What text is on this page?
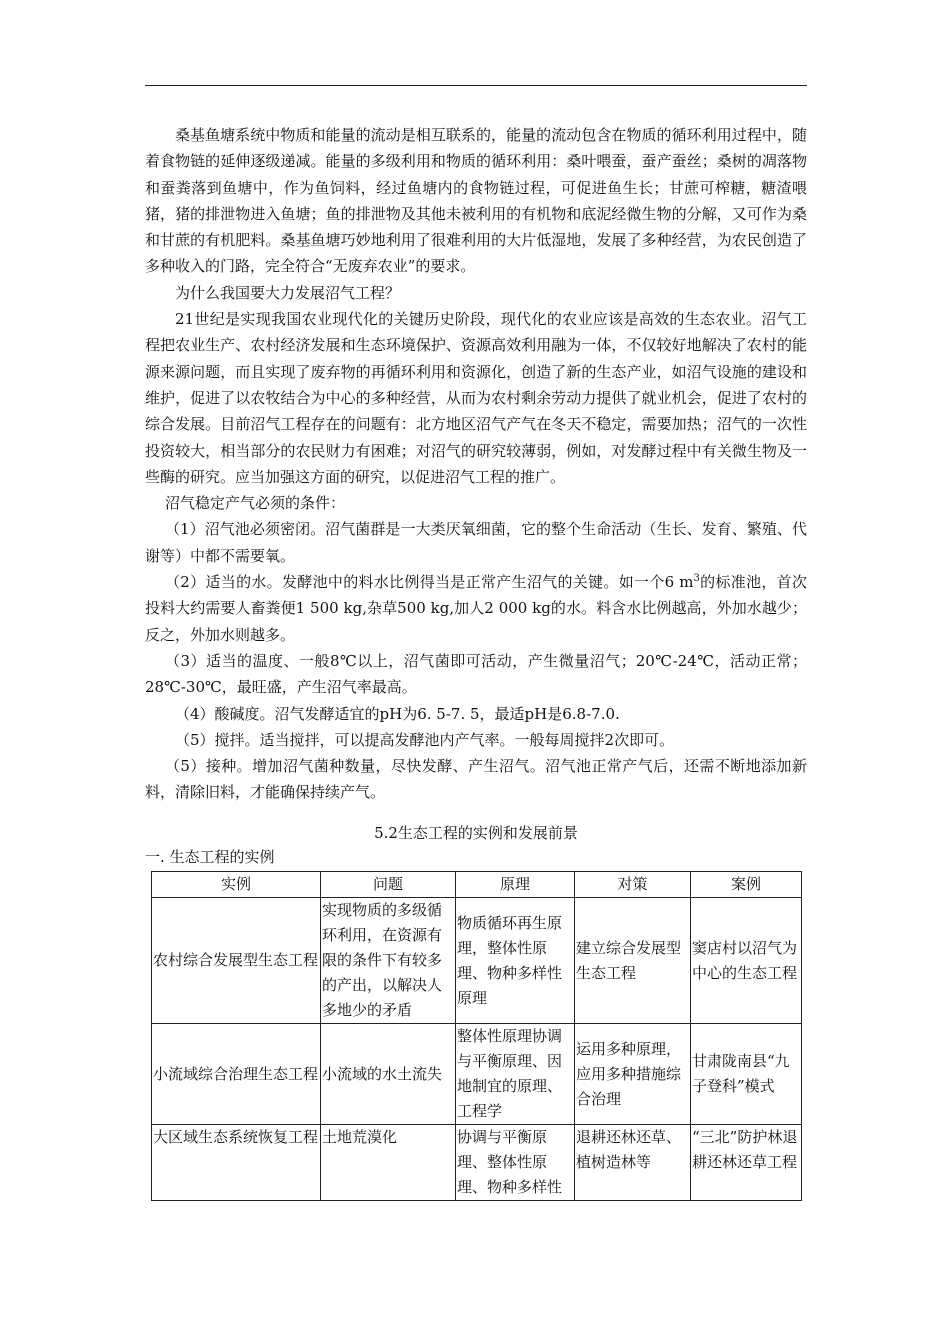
桑基鱼塘系统中物质和能量的流动是相互联系的，能量的流动包含在物质的循环利用过程中，随着食物链的延伸逐级递减。能量的多级利用和物质的循环利用：桑叶喂蚕，蚕产蚕丝；桑树的凋落物和蚕粪落到鱼塘中，作为鱼饲料，经过鱼塘内的食物链过程，可促进鱼生长；甘蔗可榨糖，糖渣喂猪，猪的排泄物进入鱼塘；鱼的排泄物及其他未被利用的有机物和底泥经微生物的分解，又可作为桑和甘蔗的有机肥料。桑基鱼塘巧妙地利用了很难利用的大片低湿地，发展了多种经营，为农民创造了多种收入的门路，完全符合“无废弃农业”的要求。

为什么我国要大力发展沼气工程？

21世纪是实现我国农业现代化的关键历史阶段，现代化的农业应该是高效的生态农业。沼气工程把农业生产、农村经济发展和生态环境保护、资源高效利用融为一体，不仅较好地解决了农村的能源来源问题，而且实现了废弃物的再循环利用和资源化，创造了新的生态产业，如沼气设施的建设和维护，促进了以农牧结合为中心的多种经营，从而为农村剩余劳动力提供了就业机会，促进了农村的综合发展。目前沼气工程存在的问题有：北方地区沼气产气在冬天不稳定，需要加热；沼气的一次性投资较大，相当部分的农民财力有困难；对沼气的研究较薄弱，例如，对发酵过程中有关微生物及一些酶的研究。应当加强这方面的研究，以促进沼气工程的推广。

沼气稳定产气必须的条件：

（1）沼气池必须密闭。沼气菌群是一大类厌氧细菌，它的整个生命活动（生长、发育、繁殖、代谢等）中都不需要氧。

（2）适当的水。发酵池中的料水比例得当是正常产生沼气的关键。如一个6 $m^3$的标准池，首次投料大约需要人畜粪便1 500 kg,杂草500 kg,加人2 000 kg的水。料含水比例越高，外加水越少；反之，外加水则越多。

（3）适当的温度、一般8℃以上，沼气菌即可活动，产生微量沼气；20℃-24℃，活动正常；28℃-30℃，最旺盛，产生沼气率最高。

（4）酸碱度。沼气发酵适宜的pH为6. 5-7. 5，最适pH是6.8-7.0.

（5）搅拌。适当搅拌，可以提高发酵池内产气率。一般每周搅拌2次即可。

（5）接种。增加沼气菌种数量，尽快发酵、产生沼气。沼气池正常产气后，还需不断地添加新料，清除旧料，才能确保持续产气。

5.2生态工程的实例和发展前景
一. 生态工程的实例
实例	问题	原理	对策	案例
农村综合发展型生态工程	实现物质的多级循环利用，在资源有限的条件下有较多的产出，以解决人多地少的矛盾	物质循环再生原理，整体性原理、物种多样性原理	建立综合发展型生态工程	窦店村以沼气为中心的生态工程
小流域综合治理生态工程	小流域的水土流失	整体性原理协调与平衡原理、因地制宜的原理、工程学	运用多种原理，应用多种措施综合治理	甘肃陇南县“九子登科”模式
大区域生态系统恢复工程	土地荒漠化	协调与平衡原理、整体性原理、物种多样性	退耕还林还草、植树造林等	“三北”防护林退耕还林还草工程
